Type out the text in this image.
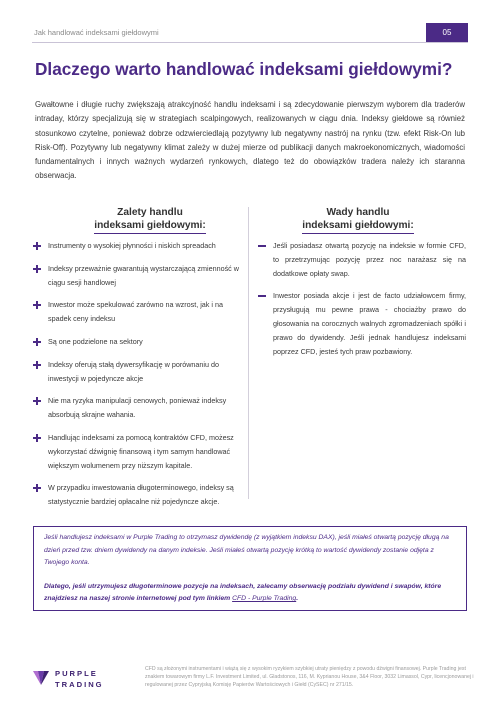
Jak handlować indeksami giełdowymi	05
Dlaczego warto handlować indeksami giełdowymi?

Gwałtowne i długie ruchy zwiększają atrakcyjność handlu indeksami i są zdecydowanie pierwszym wyborem dla traderów intraday, którzy specjalizują się w strategiach scalpingowych, realizowanych w ciągu dnia. Indeksy giełdowe są również stosunkowo czytelne, ponieważ dobrze odzwierciedlają pozytywny lub negatywny nastrój na rynku (tzw. efekt Risk-On lub Risk-Off). Pozytywny lub negatywny klimat zależy w dużej mierze od publikacji danych makroekonomicznych, wiadomości fundamentalnych i innych ważnych wydarzeń rynkowych, dlatego też do obowiązków tradera należy ich staranna obserwacja.

Zalety handlu
indeksami giełdowymi:
Wady handlu
indeksami giełdowymi:
Instrumenty o wysokiej płynności i niskich spreadach
Indeksy przeważnie gwarantują wystarczającą zmienność w ciągu sesji handlowej
Inwestor może spekulować zarówno na wzrost, jak i na spadek ceny indeksu
Są one podzielone na sektory
Indeksy oferują stałą dywersyfikację w porównaniu do inwestycji w pojedyncze akcje
Nie ma ryzyka manipulacji cenowych, ponieważ indeksy absorbują skrajne wahania.
Handlując indeksami za pomocą kontraktów CFD, możesz wykorzystać dźwignię finansową i tym samym handlować większym wolumenem przy niższym kapitale.
W przypadku inwestowania długoterminowego, indeksy są statystycznie bardziej opłacalne niż pojedyncze akcje.
Jeśli posiadasz otwartą pozycję na indeksie w formie CFD, to przetrzymując pozycję przez noc narażasz się na dodatkowe opłaty swap.
Inwestor posiada akcje i jest de facto udziałowcem firmy, przysługują mu pewne prawa - chociażby prawo do głosowania na corocznych walnych zgromadzeniach spółki i prawo do dywidendy. Jeśli jednak handlujesz indeksami poprzez CFD, jesteś tych praw pozbawiony.

Jeśli handlujesz indeksami w Purple Trading to otrzymasz dywidendę (z wyjątkiem indeksu DAX), jeśli miałeś otwartą pozycję długą na dzień przed tzw. dniem dywidendy na danym indeksie. Jeśli miałeś otwartą pozycję krótką to wartość dywidendy zostanie odjęta z Twojego konta.

Dlatego, jeśli utrzymujesz długoterminowe pozycje na indeksach, zalecamy obserwację podziału dywidend i swapów, które znajdziesz na naszej stronie internetowej pod tym linkiem CFD - Purple Trading.

PURPLE
TRADING

CFD są złożonymi instrumentami i wiążą się z wysokim ryzykiem szybkiej utraty pieniędzy z powodu dźwigni finansowej. Purple Trading jest znakiem towarowym firmy L.F. Investment Limited, ul. Gladstonos, 116, M. Kyprianou House, 3&4 Floor, 3032 Limassol, Cypr, licencjonowanej i regulowanej przez Cypryjską Komisję Papierów Wartościowych i Giełd (CySEC) nr 271/15.
